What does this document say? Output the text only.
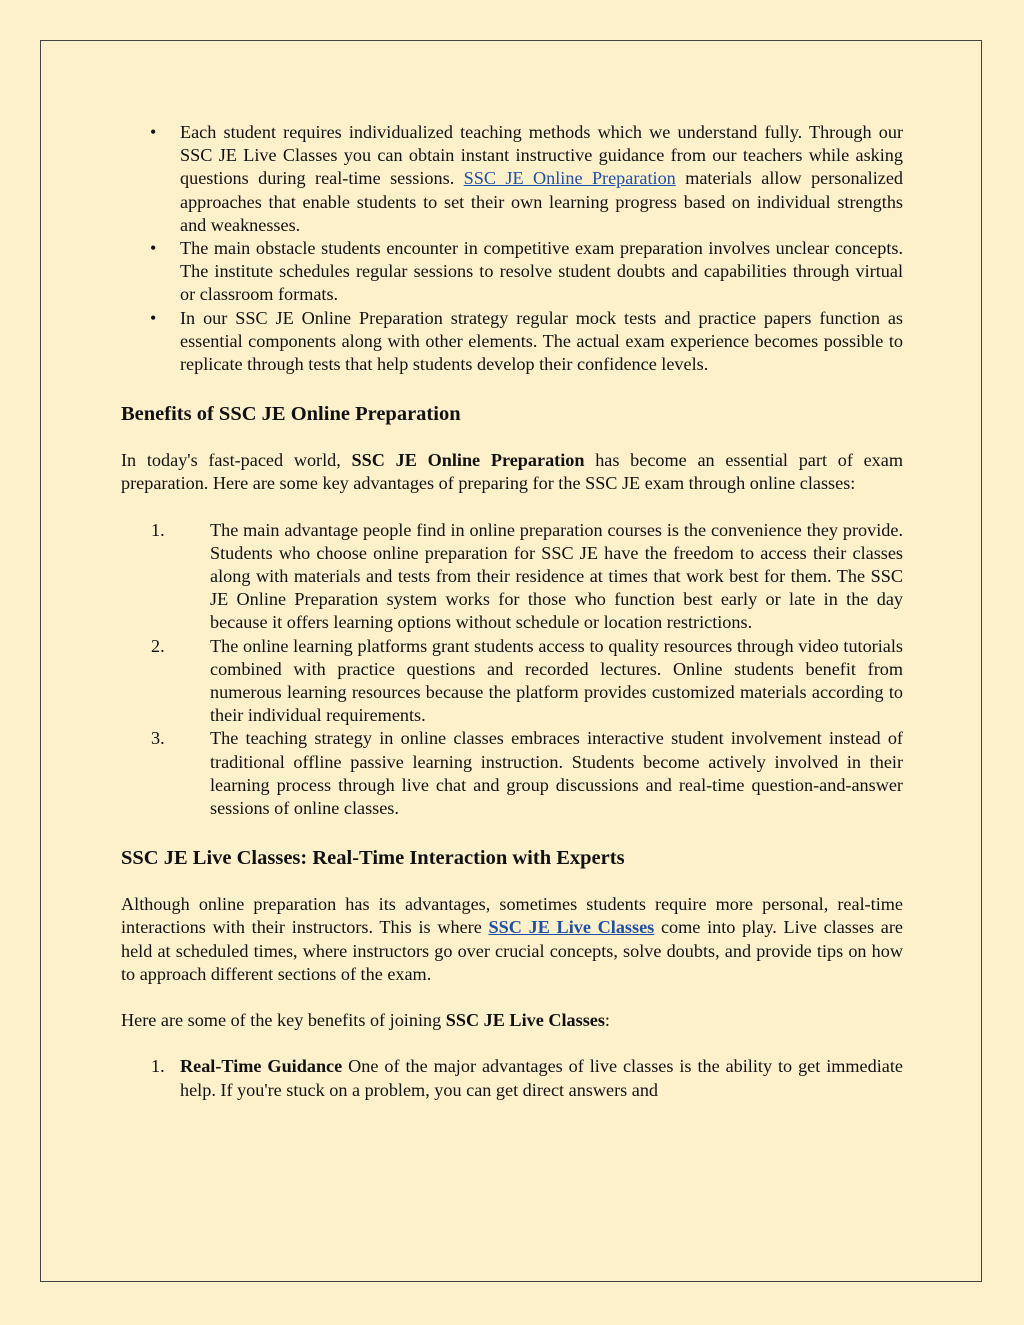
• Each student requires individualized teaching methods which we understand fully. Through our SSC JE Live Classes you can obtain instant instructive guidance from our teachers while asking questions during real-time sessions. SSC JE Online Preparation materials allow personalized approaches that enable students to set their own learning progress based on individual strengths and weaknesses.
• The main obstacle students encounter in competitive exam preparation involves unclear concepts. The institute schedules regular sessions to resolve student doubts and capabilities through virtual or classroom formats.
• In our SSC JE Online Preparation strategy regular mock tests and practice papers function as essential components along with other elements. The actual exam experience becomes possible to replicate through tests that help students develop their confidence levels.
Benefits of SSC JE Online Preparation

In today's fast-paced world, SSC JE Online Preparation has become an essential part of exam preparation. Here are some key advantages of preparing for the SSC JE exam through online classes:

1. The main advantage people find in online preparation courses is the convenience they provide. Students who choose online preparation for SSC JE have the freedom to access their classes along with materials and tests from their residence at times that work best for them. The SSC JE Online Preparation system works for those who function best early or late in the day because it offers learning options without schedule or location restrictions.
2. The online learning platforms grant students access to quality resources through video tutorials combined with practice questions and recorded lectures. Online students benefit from numerous learning resources because the platform provides customized materials according to their individual requirements.
3. The teaching strategy in online classes embraces interactive student involvement instead of traditional offline passive learning instruction. Students become actively involved in their learning process through live chat and group discussions and real-time question-and-answer sessions of online classes.
SSC JE Live Classes: Real-Time Interaction with Experts

Although online preparation has its advantages, sometimes students require more personal, real-time interactions with their instructors. This is where SSC JE Live Classes come into play. Live classes are held at scheduled times, where instructors go over crucial concepts, solve doubts, and provide tips on how to approach different sections of the exam.

Here are some of the key benefits of joining SSC JE Live Classes:

1. Real-Time Guidance One of the major advantages of live classes is the ability to get immediate help. If you're stuck on a problem, you can get direct answers and
